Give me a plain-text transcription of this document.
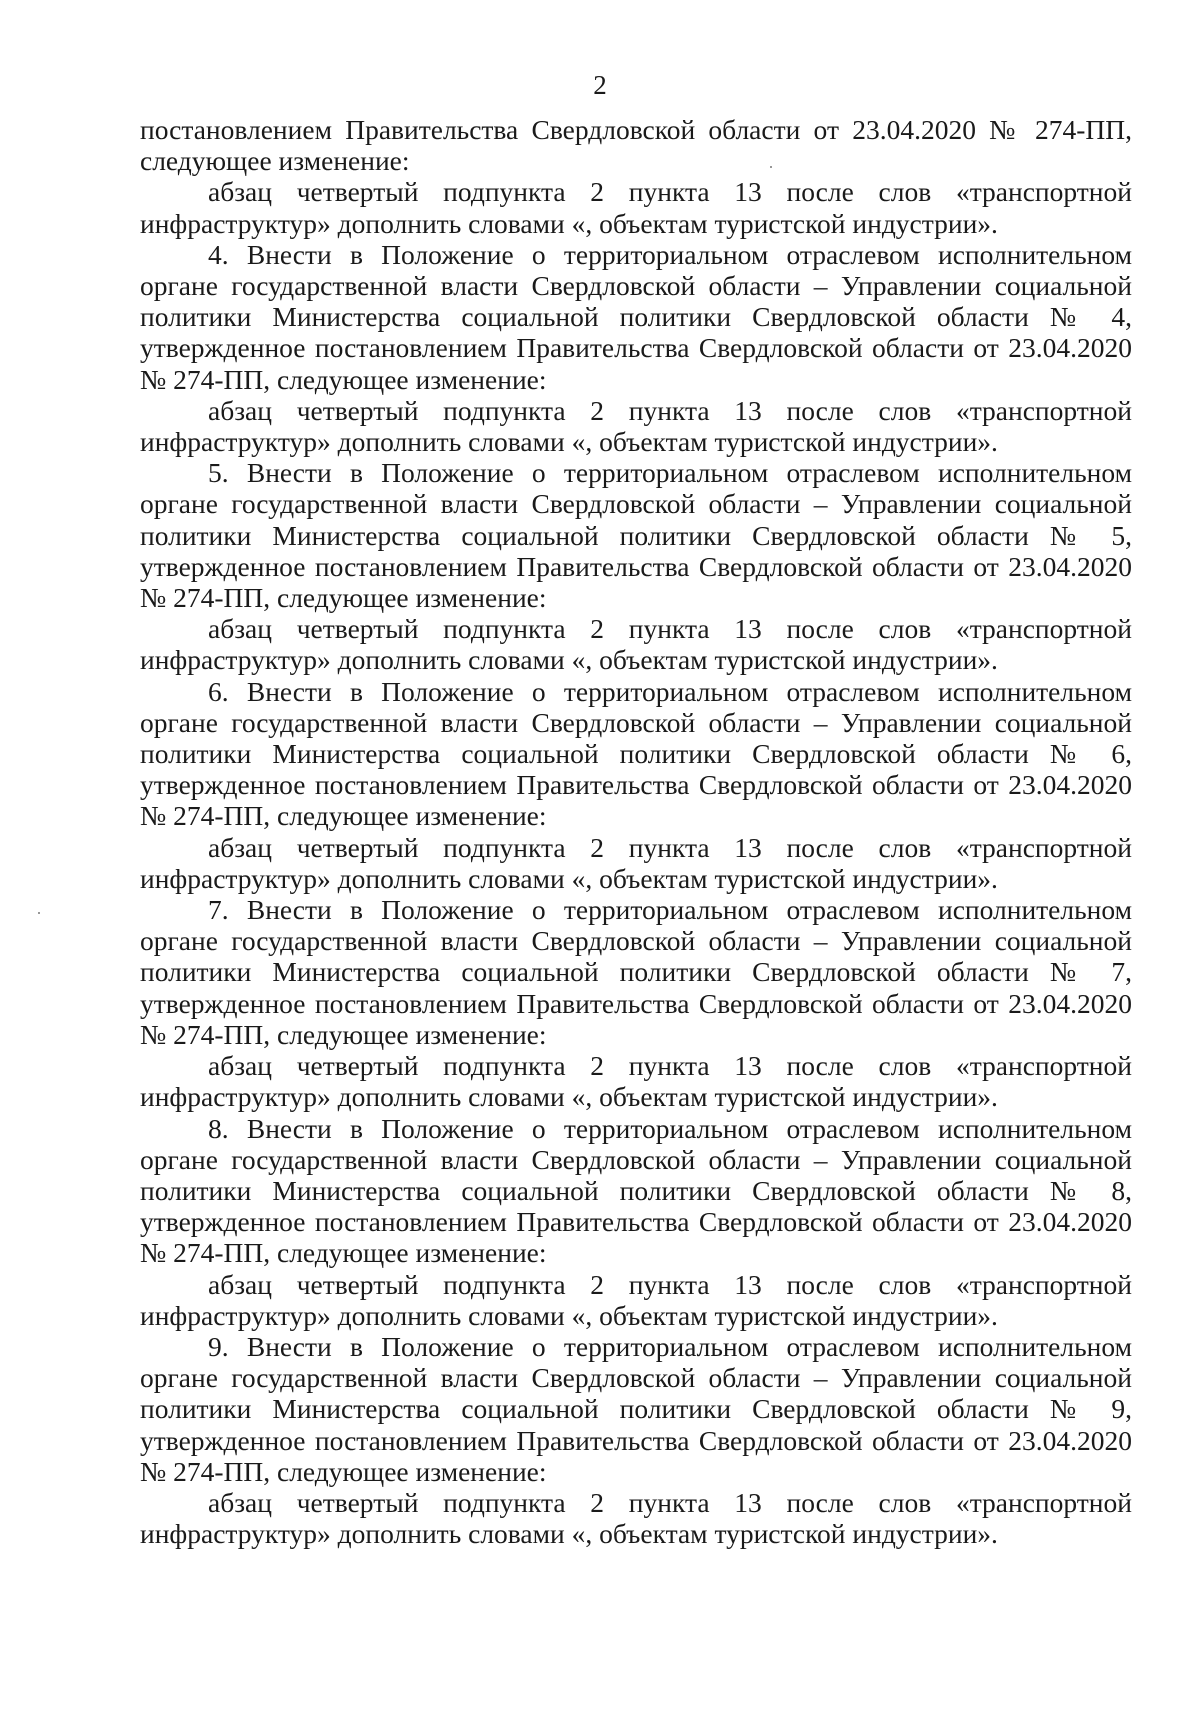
2

постановлением Правительства Свердловской области от 23.04.2020 № 274-ПП, следующее изменение:

абзац четвертый подпункта 2 пункта 13 после слов «транспортной инфраструктур» дополнить словами «, объектам туристской индустрии».

4. Внести в Положение о территориальном отраслевом исполнительном органе государственной власти Свердловской области – Управлении социальной политики Министерства социальной политики Свердловской области № 4, утвержденное постановлением Правительства Свердловской области от 23.04.2020 № 274-ПП, следующее изменение:

абзац четвертый подпункта 2 пункта 13 после слов «транспортной инфраструктур» дополнить словами «, объектам туристской индустрии».

5. Внести в Положение о территориальном отраслевом исполнительном органе государственной власти Свердловской области – Управлении социальной политики Министерства социальной политики Свердловской области № 5, утвержденное постановлением Правительства Свердловской области от 23.04.2020 № 274-ПП, следующее изменение:

абзац четвертый подпункта 2 пункта 13 после слов «транспортной инфраструктур» дополнить словами «, объектам туристской индустрии».

6. Внести в Положение о территориальном отраслевом исполнительном органе государственной власти Свердловской области – Управлении социальной политики Министерства социальной политики Свердловской области № 6, утвержденное постановлением Правительства Свердловской области от 23.04.2020 № 274-ПП, следующее изменение:

абзац четвертый подпункта 2 пункта 13 после слов «транспортной инфраструктур» дополнить словами «, объектам туристской индустрии».

7. Внести в Положение о территориальном отраслевом исполнительном органе государственной власти Свердловской области – Управлении социальной политики Министерства социальной политики Свердловской области № 7, утвержденное постановлением Правительства Свердловской области от 23.04.2020 № 274-ПП, следующее изменение:

абзац четвертый подпункта 2 пункта 13 после слов «транспортной инфраструктур» дополнить словами «, объектам туристской индустрии».

8. Внести в Положение о территориальном отраслевом исполнительном органе государственной власти Свердловской области – Управлении социальной политики Министерства социальной политики Свердловской области № 8, утвержденное постановлением Правительства Свердловской области от 23.04.2020 № 274-ПП, следующее изменение:

абзац четвертый подпункта 2 пункта 13 после слов «транспортной инфраструктур» дополнить словами «, объектам туристской индустрии».

9. Внести в Положение о территориальном отраслевом исполнительном органе государственной власти Свердловской области – Управлении социальной политики Министерства социальной политики Свердловской области № 9, утвержденное постановлением Правительства Свердловской области от 23.04.2020 № 274-ПП, следующее изменение:

абзац четвертый подпункта 2 пункта 13 после слов «транспортной инфраструктур» дополнить словами «, объектам туристской индустрии».
